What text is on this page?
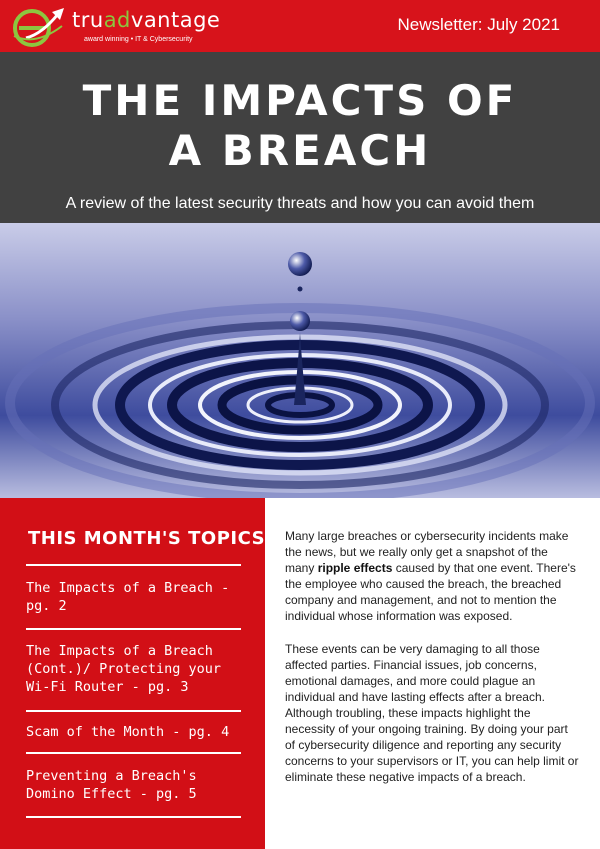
truadvantage
award winning • IT & Cybersecurity
Newsletter: July 2021
THE IMPACTS OF
A BREACH
A review of the latest security threats and how you can avoid them
THIS MONTH'S TOPICS:
The Impacts of a Breach - pg. 2
The Impacts of a Breach (Cont.)/ Protecting your Wi-Fi Router - pg. 3
Scam of the Month - pg. 4
Preventing a Breach's Domino Effect - pg. 5

Many large breaches or cybersecurity incidents make the news, but we really only get a snapshot of the many ripple effects caused by that one event. There's the employee who caused the breach, the breached company and management, and not to mention the individual whose information was exposed.

These events can be very damaging to all those affected parties. Financial issues, job concerns, emotional damages, and more could plague an individual and have lasting effects after a breach. Although troubling, these impacts highlight the necessity of your ongoing training. By doing your part of cybersecurity diligence and reporting any security concerns to your supervisors or IT, you can help limit or eliminate these negative impacts of a breach.
